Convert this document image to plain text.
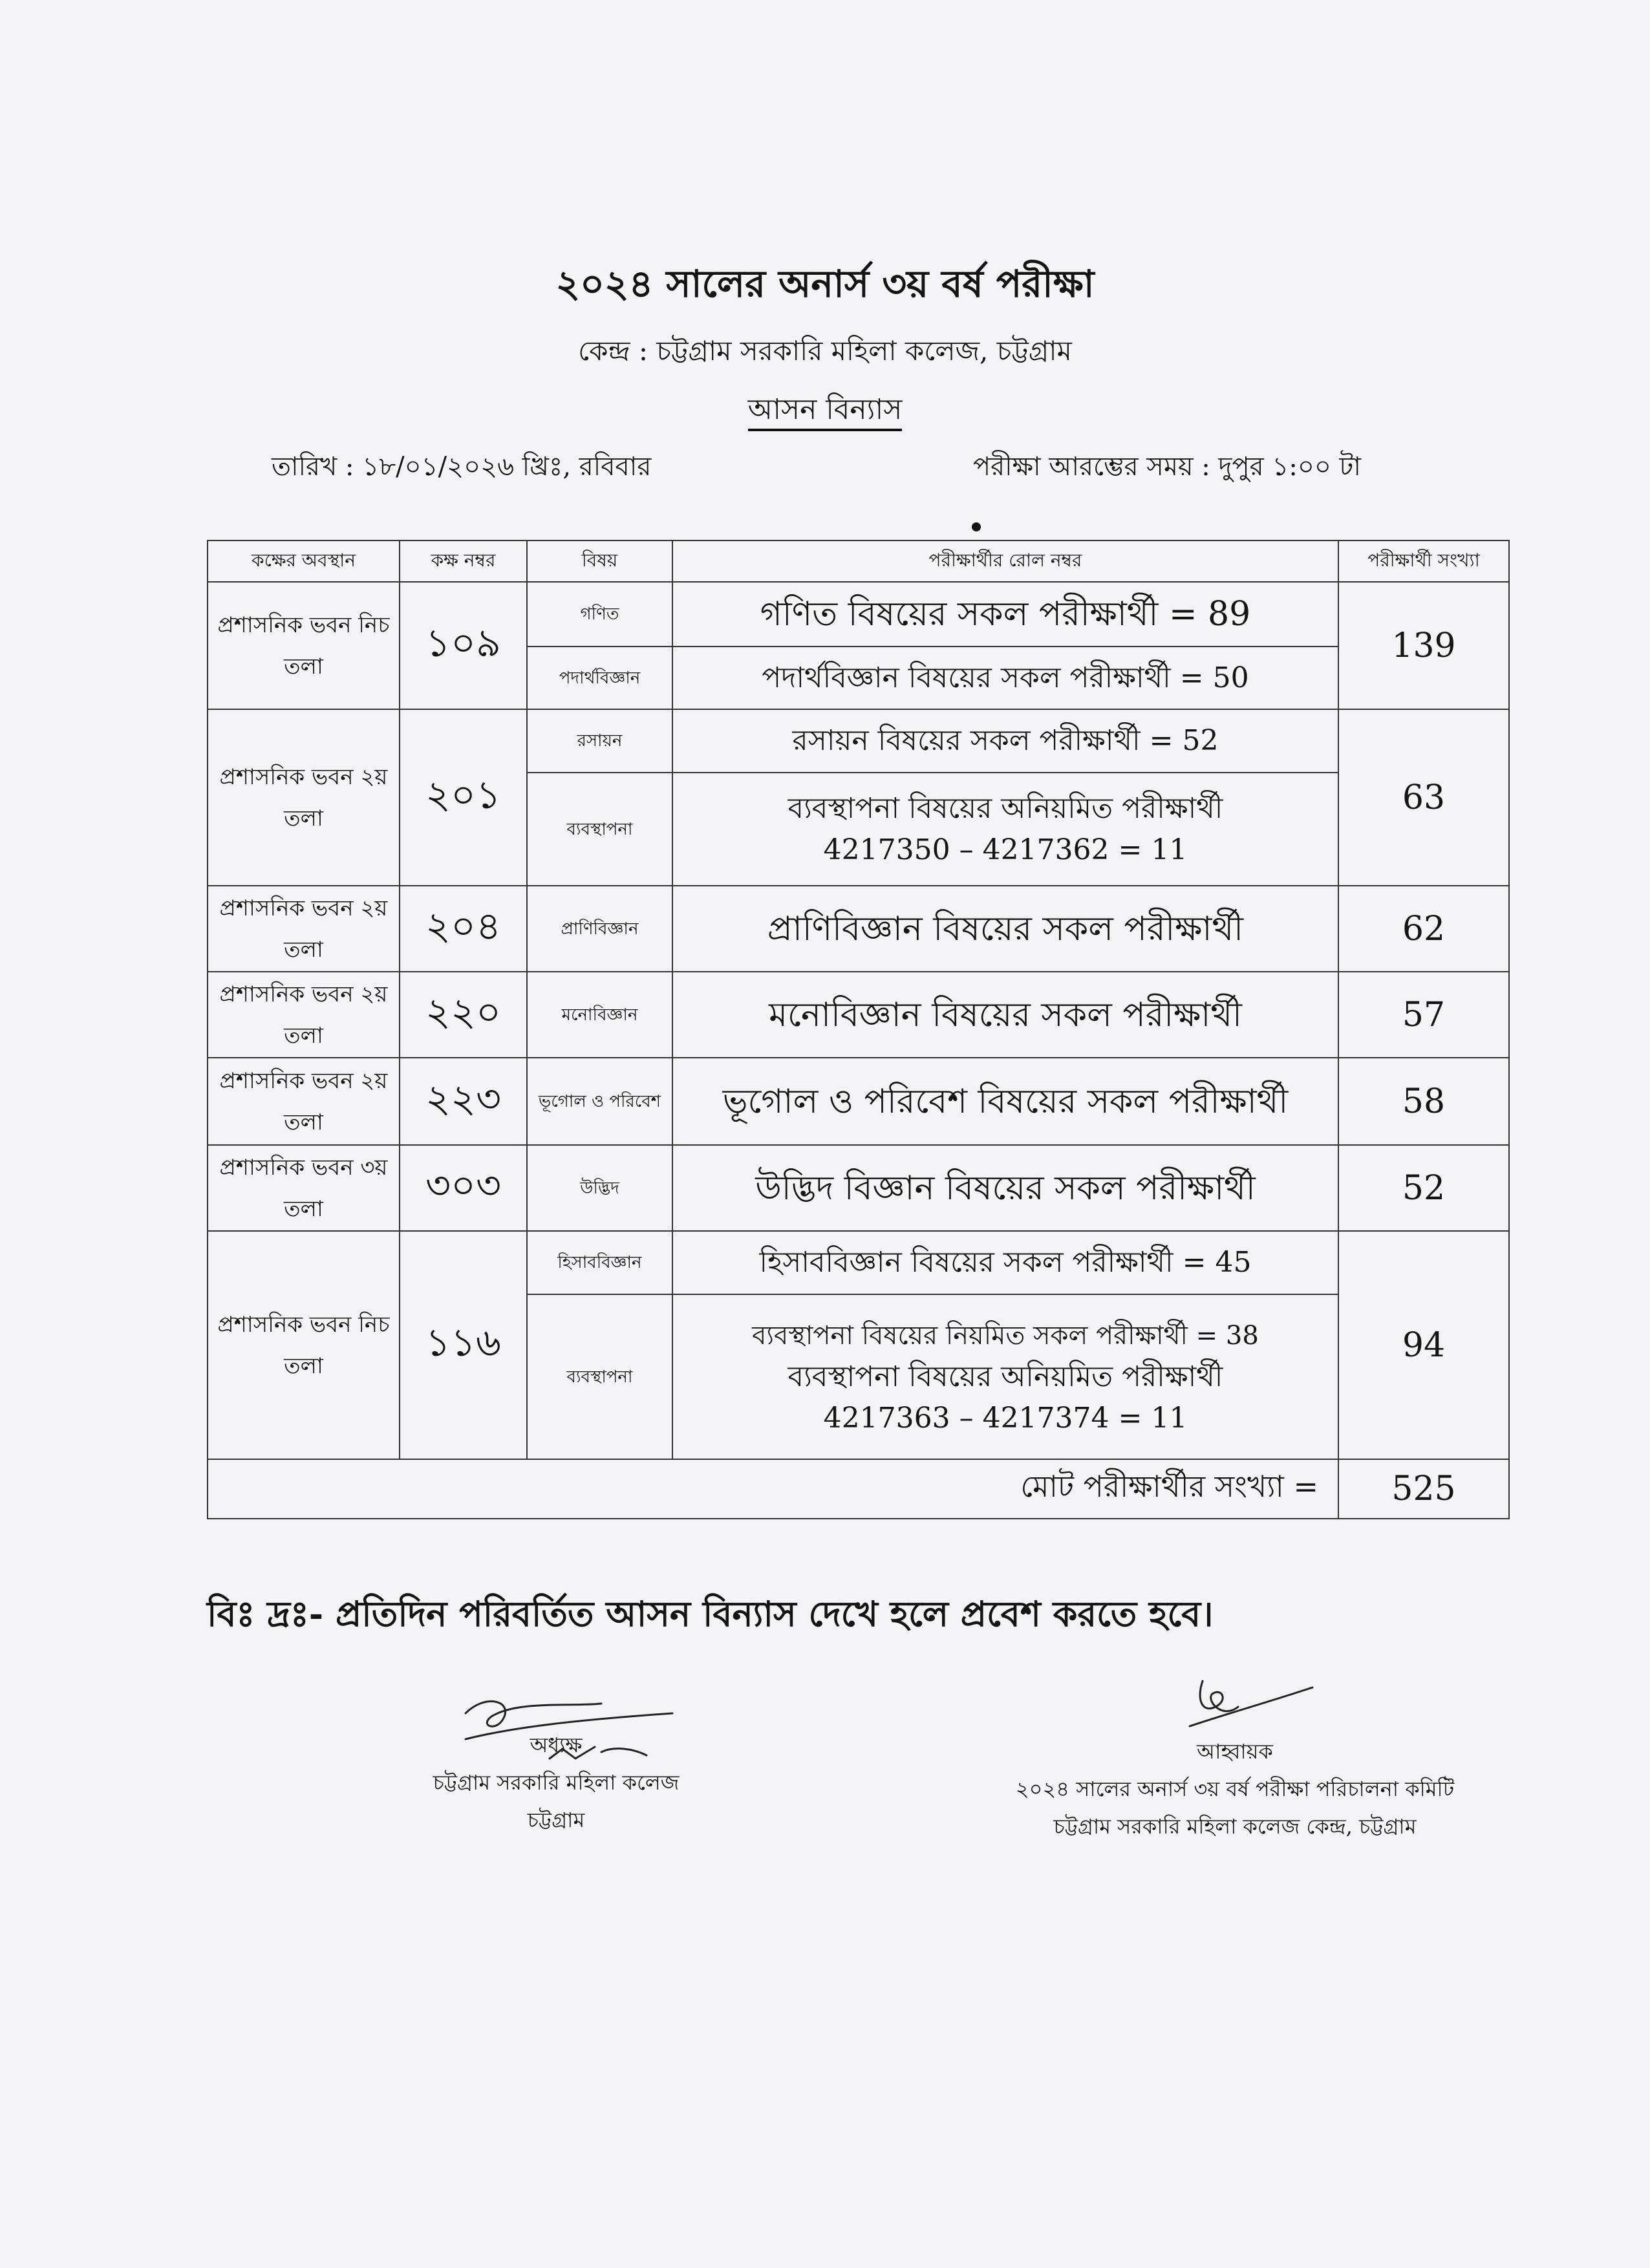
২০২৪ সালের অনার্স ৩য় বর্ষ পরীক্ষা
কেন্দ্র : চট্টগ্রাম সরকারি মহিলা কলেজ, চট্টগ্রাম
আসন বিন্যাস
তারিখ : ১৮/০১/২০২৬ খ্রিঃ, রবিবার	পরীক্ষা আরম্ভের সময় : দুপুর ১:০০ টা
কক্ষের অবস্থান	কক্ষ নম্বর	বিষয়	পরীক্ষার্থীর রোল নম্বর	পরীক্ষার্থী সংখ্যা
প্রশাসনিক ভবন নিচ তলা	১০৯	গণিত	গণিত বিষয়ের সকল পরীক্ষার্থী = 89	139
		পদার্থবিজ্ঞান	পদার্থবিজ্ঞান বিষয়ের সকল পরীক্ষার্থী = 50	
প্রশাসনিক ভবন ২য় তলা	২০১	রসায়ন	রসায়ন বিষয়ের সকল পরীক্ষার্থী = 52	63
		ব্যবস্থাপনা	ব্যবস্থাপনা বিষয়ের অনিয়মিত পরীক্ষার্থী
4217350 – 4217362 = 11	

প্রশাসনিক ভবন ২য় তলা	২০৪	প্রাণিবিজ্ঞান	প্রাণিবিজ্ঞান বিষয়ের সকল পরীক্ষার্থী	62
প্রশাসনিক ভবন ২য় তলা	২২০	মনোবিজ্ঞান	মনোবিজ্ঞান বিষয়ের সকল পরীক্ষার্থী	57
প্রশাসনিক ভবন ২য় তলা	২২৩	ভূগোল ও পরিবেশ	ভূগোল ও পরিবেশ বিষয়ের সকল পরীক্ষার্থী	58
প্রশাসনিক ভবন ৩য় তলা	৩০৩	উদ্ভিদ	উদ্ভিদ বিজ্ঞান বিষয়ের সকল পরীক্ষার্থী	52
প্রশাসনিক ভবন নিচ তলা	১১৬	হিসাববিজ্ঞান	হিসাববিজ্ঞান বিষয়ের সকল পরীক্ষার্থী = 45	94
		ব্যবস্থাপনা	ব্যবস্থাপনা বিষয়ের নিয়মিত সকল পরীক্ষার্থী = 38
ব্যবস্থাপনা বিষয়ের অনিয়মিত পরীক্ষার্থী
4217363 – 4217374 = 11	

মোট পরীক্ষার্থীর সংখ্যা =				525
বিঃ দ্রঃ- প্রতিদিন পরিবর্তিত আসন বিন্যাস দেখে হলে প্রবেশ করতে হবে।
অধ্যক্ষ
চট্টগ্রাম সরকারি মহিলা কলেজ
চট্টগ্রাম
আহ্বায়ক
২০২৪ সালের অনার্স ৩য় বর্ষ পরীক্ষা পরিচালনা কমিটি
চট্টগ্রাম সরকারি মহিলা কলেজ কেন্দ্র, চট্টগ্রাম
